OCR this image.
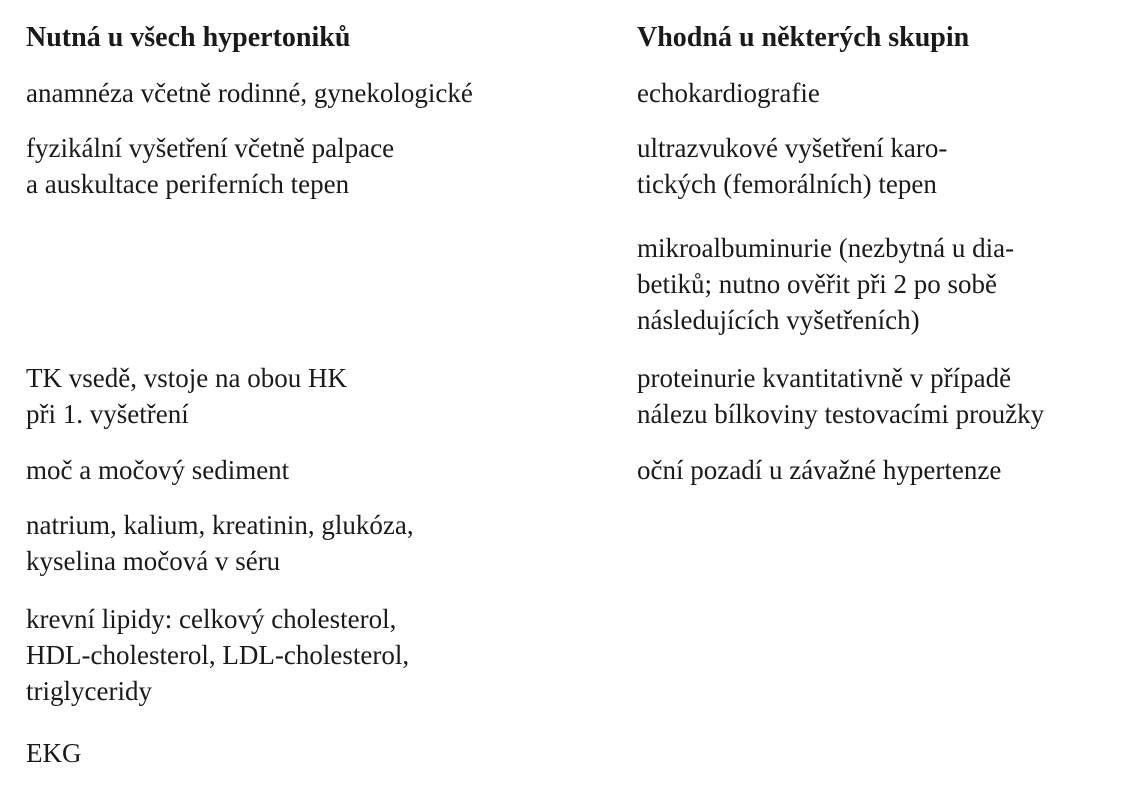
Nutná u všech hypertoniků
anamnéza včetně rodinné, gynekologické
fyzikální vyšetření včetně palpace
a auskultace periferních tepen
TK vsedě, vstoje na obou HK
při 1. vyšetření
moč a močový sediment
natrium, kalium, kreatinin, glukóza,
kyselina močová v séru
krevní lipidy: celkový cholesterol,
HDL-cholesterol, LDL-cholesterol,
triglyceridy
EKG
Vhodná u některých skupin
echokardiografie
ultrazvukové vyšetření karo-
tických (femorálních) tepen
mikroalbuminurie (nezbytná u dia-
betiků; nutno ověřit při 2 po sobě
následujících vyšetřeních)
proteinurie kvantitativně v případě
nálezu bílkoviny testovacími proužky
oční pozadí u závažné hypertenze
